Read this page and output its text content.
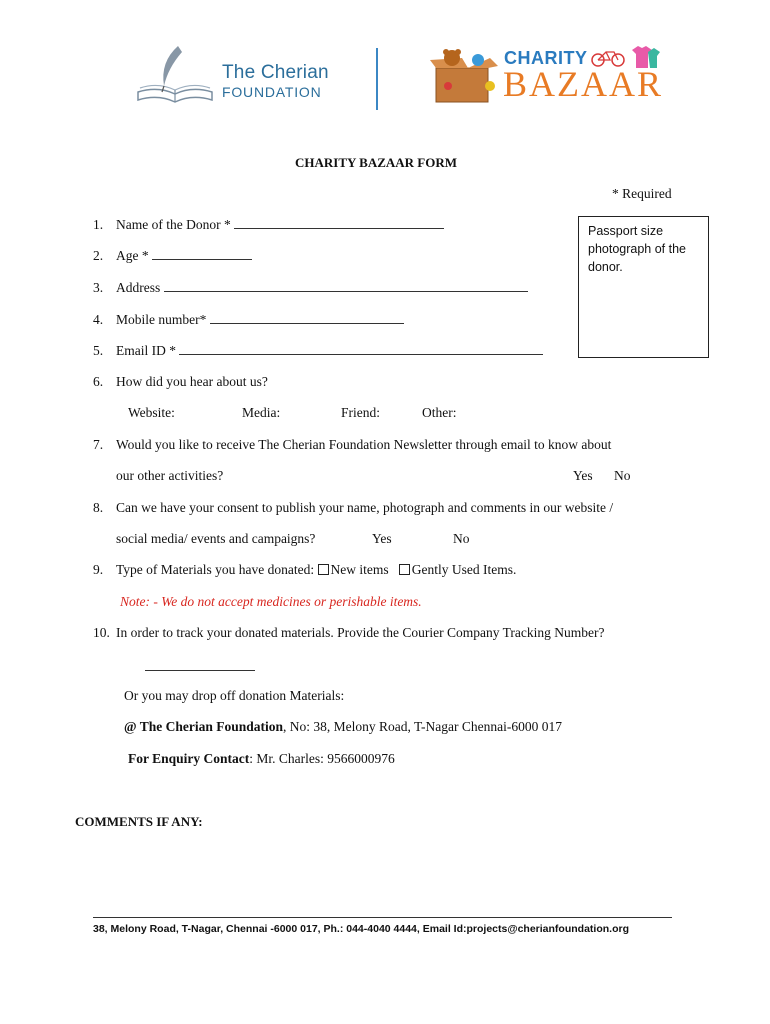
The Cherian
FOUNDATION
CHARITY
BAZAAR
CHARITY BAZAAR FORM
* Required
Passport size photograph of the donor.
1. Name of the Donor *
2. Age *
3. Address
4. Mobile number*
5. Email ID *
6. How did you hear about us?
Website:	Media:	Friend:	Other:
7. Would you like to receive The Cherian Foundation Newsletter through email to know about
our other activities?	Yes No
8. Can we have your consent to publish your name, photograph and comments in our website /
social media/ events and campaigns?	Yes	No
9. Type of Materials you have donated: New items Gently Used Items.
Note: - We do not accept medicines or perishable items.
10. In order to track your donated materials. Provide the Courier Company Tracking Number?
Or you may drop off donation Materials:
@ The Cherian Foundation, No: 38, Melony Road, T-Nagar Chennai-6000 017
For Enquiry Contact: Mr. Charles: 9566000976
COMMENTS IF ANY:
38, Melony Road, T-Nagar, Chennai -6000 017, Ph.: 044-4040 4444, Email Id:projects@cherianfoundation.org
